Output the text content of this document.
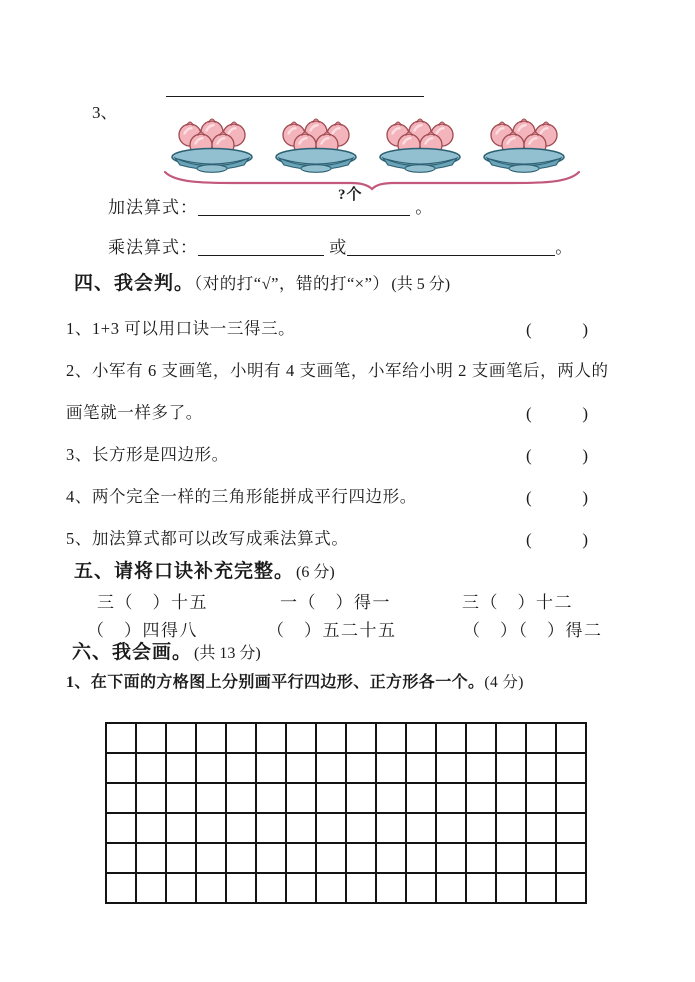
3、
?个
加法算式：	。
乘法算式：	或	。
四、我会判。（对的打“√”，错的打“×”） (共 5 分)
1、1+3 可以用口诀一三得三。	(	)
2、小军有 6 支画笔，小明有 4 支画笔，小军给小明 2 支画笔后，两人的
画笔就一样多了。	(	)
3、长方形是四边形。	(	)
4、两个完全一样的三角形能拼成平行四边形。	(	)
5、加法算式都可以改写成乘法算式。	(	)
五、请将口诀补充完整。 (6 分)
三（　）十五	一（　）得一	三（　）十二
（　）四得八	（　）五二十五	（　）（　）得二
六、我会画。 (共 13 分)
1、在下面的方格图上分别画平行四边形、正方形各一个。(4 分)
